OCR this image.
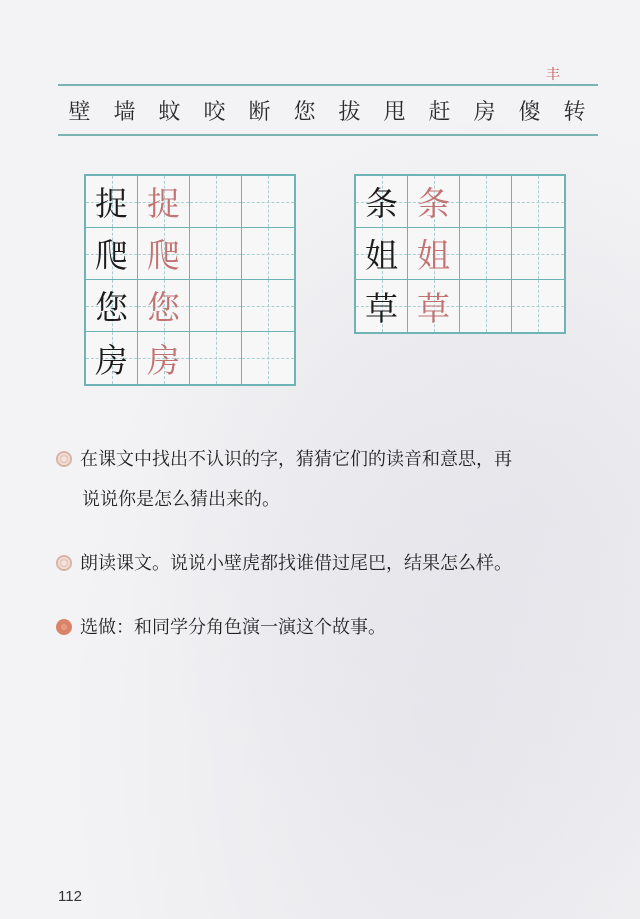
丰
壁 墙 蚊 咬 断 您 拔 甩 赶 房 傻 转
捉 捉
爬 爬
您 您
房 房
条 条
姐 姐
草 草
在课文中找出不认识的字，猜猜它们的读音和意思，再
说说你是怎么猜出来的。
朗读课文。说说小壁虎都找谁借过尾巴，结果怎么样。
选做：和同学分角色演一演这个故事。
112
